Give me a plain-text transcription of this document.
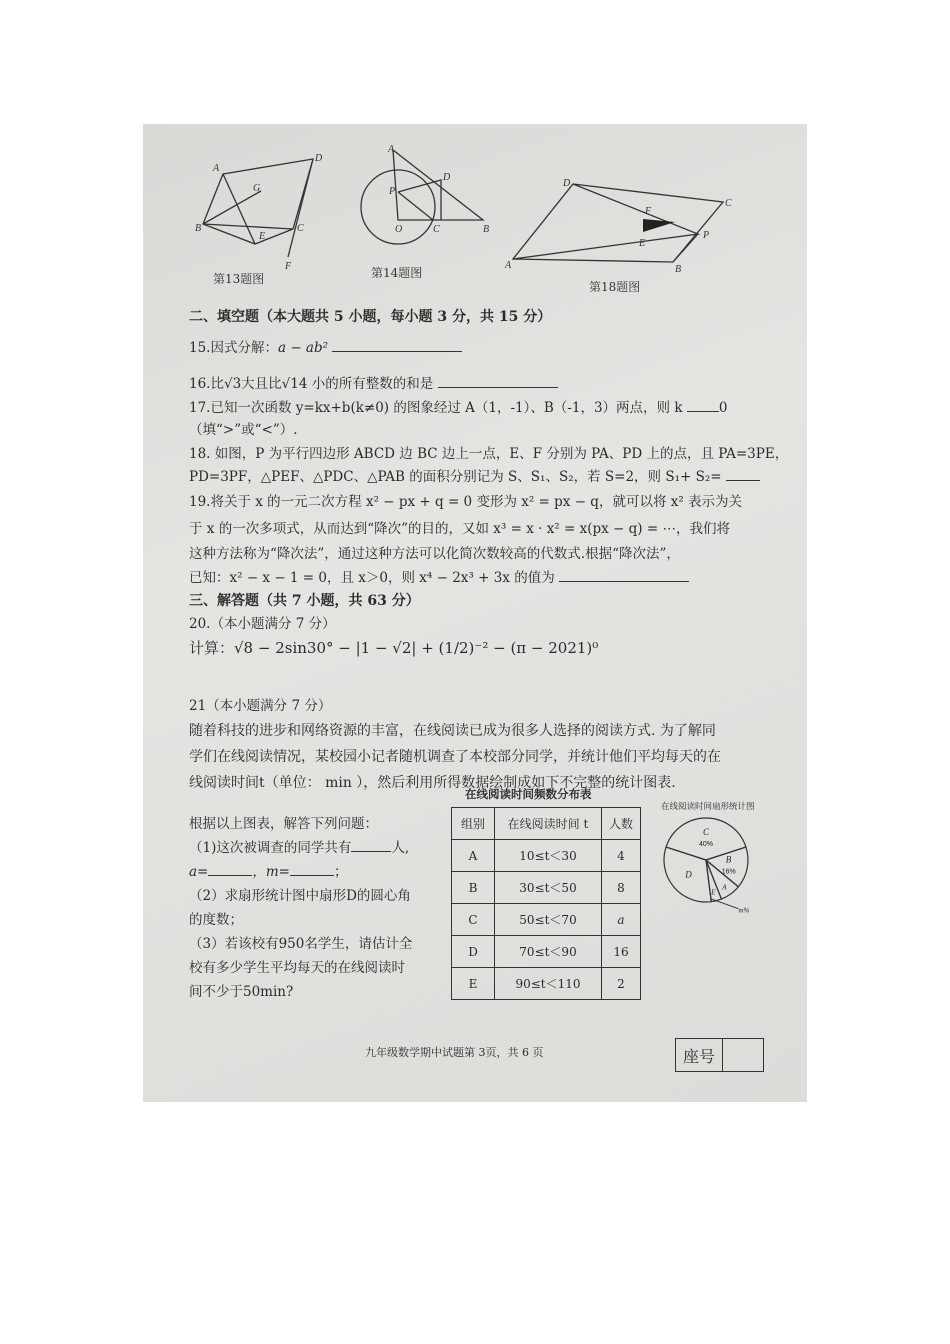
A
D
G
B
E
C
F
第13题图
A
D
P
O	C	B
第14题图
D
C
F
P
E
A	B
第18题图
二、填空题（本大题共 5 小题，每小题 3 分，共 15 分）
15.因式分解：a − ab²
16.比√3大且比√14 小的所有整数的和是
17.已知一次函数 y=kx+b(k≠0) 的图象经过 A（1，-1）、B（-1，3）两点，则 k	0
（填“>”或“<”）.
18. 如图，P 为平行四边形 ABCD 边 BC 边上一点，E、F 分别为 PA、PD 上的点，且 PA=3PE，
PD=3PF，△PEF、△PDC、△PAB 的面积分别记为 S、S₁、S₂，若 S=2，则 S₁+ S₂=
19.将关于 x 的一元二次方程 x² − px + q = 0 变形为 x² = px − q，就可以将 x² 表示为关
于 x 的一次多项式，从而达到“降次”的目的，又如 x³ = x · x² = x(px − q) = ⋯，我们将
这种方法称为“降次法”，通过这种方法可以化简次数较高的代数式.根据“降次法”，
已知：x² − x − 1 = 0，且 x＞0，则 x⁴ − 2x³ + 3x 的值为
三、解答题（共 7 小题，共 63 分）
20.（本小题满分 7 分）
计算：√8 − 2sin30° − |1 − √2| + (1/2)⁻² − (π − 2021)⁰
21（本小题满分 7 分）
随着科技的进步和网络资源的丰富，在线阅读已成为很多人选择的阅读方式. 为了解同
学们在线阅读情况，某校园小记者随机调查了本校部分同学，并统计他们平均每天的在
线阅读时间t（单位： min ），然后利用所得数据绘制成如下不完整的统计图表.
根据以上图表，解答下列问题：
（1)这次被调查的同学共有	人,
a=	，m=	；
（2）求扇形统计图中扇形D的圆心角
的度数；
（3）若该校有950名学生，请估计全
校有多少学生平均每天的在线阅读时
间不少于50min?
在线阅读时间频数分布表
组别	在线阅读时间 t	人数
A	10≤t＜30	4
B	30≤t＜50	8
C	50≤t＜70	a
D	70≤t＜90	16
E	90≤t＜110	2
在线阅读时间扇形统计图
C
40%
B
16%
A
E
m%
D
九年级数学期中试题第 3页，共 6 页	座号
